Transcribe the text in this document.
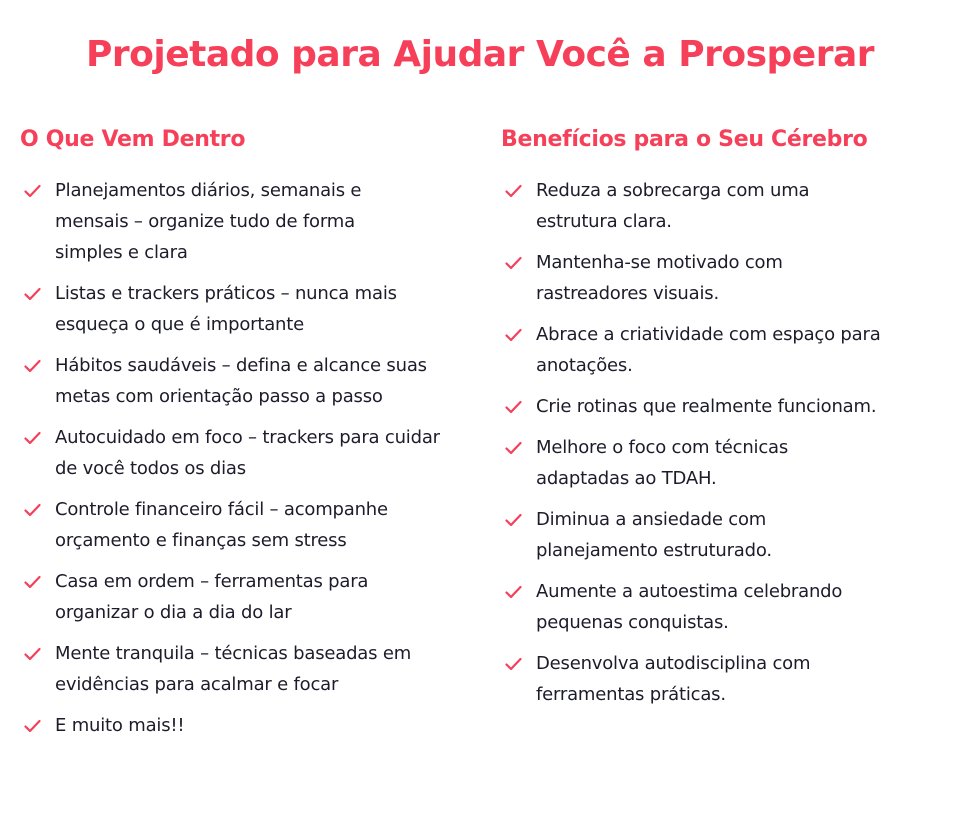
Projetado para Ajudar Você a Prosperar
O Que Vem Dentro
Planejamentos diários, semanais e mensais – organize tudo de forma simples e clara
Listas e trackers práticos – nunca mais esqueça o que é importante
Hábitos saudáveis – defina e alcance suas metas com orientação passo a passo
Autocuidado em foco – trackers para cuidar de você todos os dias
Controle financeiro fácil – acompanhe orçamento e finanças sem stress
Casa em ordem – ferramentas para organizar o dia a dia do lar
Mente tranquila – técnicas baseadas em evidências para acalmar e focar
E muito mais!!
Benefícios para o Seu Cérebro
Reduza a sobrecarga com uma estrutura clara.
Mantenha-se motivado com rastreadores visuais.
Abrace a criatividade com espaço para anotações.
Crie rotinas que realmente funcionam.
Melhore o foco com técnicas adaptadas ao TDAH.
Diminua a ansiedade com planejamento estruturado.
Aumente a autoestima celebrando pequenas conquistas.
Desenvolva autodisciplina com ferramentas práticas.
